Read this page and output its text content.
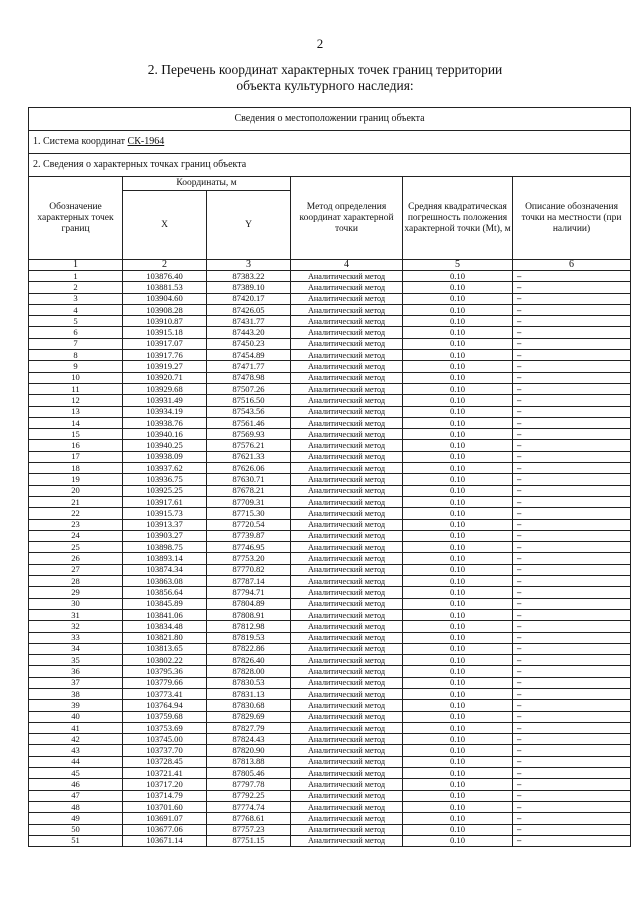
2
2. Перечень координат характерных точек границ территории
объекта культурного наследия:
Сведения о местоположении границ объекта					
1. Система координат СК-1964					
2. Сведения о характерных точках границ объекта					
Обозначение характерных точек границ	Координаты, м		Метод определения координат характерной точки	Средняя квадратическая погрешность положения характерной точки (Mt), м	Описание обозначения точки на местности (при наличии)
	X	Y			
1	2	3	4	5	6
1	103876.40	87383.22	Аналитический метод	0.10	–
2	103881.53	87389.10	Аналитический метод	0.10	–
3	103904.60	87420.17	Аналитический метод	0.10	–
4	103908.28	87426.05	Аналитический метод	0.10	–
5	103910.87	87431.77	Аналитический метод	0.10	–
6	103915.18	87443.20	Аналитический метод	0.10	–
7	103917.07	87450.23	Аналитический метод	0.10	–
8	103917.76	87454.89	Аналитический метод	0.10	–
9	103919.27	87471.77	Аналитический метод	0.10	–
10	103920.71	87478.98	Аналитический метод	0.10	–
11	103929.68	87507.26	Аналитический метод	0.10	–
12	103931.49	87516.50	Аналитический метод	0.10	–
13	103934.19	87543.56	Аналитический метод	0.10	–
14	103938.76	87561.46	Аналитический метод	0.10	–
15	103940.16	87569.93	Аналитический метод	0.10	–
16	103940.25	87576.21	Аналитический метод	0.10	–
17	103938.09	87621.33	Аналитический метод	0.10	–
18	103937.62	87626.06	Аналитический метод	0.10	–
19	103936.75	87630.71	Аналитический метод	0.10	–
20	103925.25	87678.21	Аналитический метод	0.10	–
21	103917.61	87709.31	Аналитический метод	0.10	–
22	103915.73	87715.30	Аналитический метод	0.10	–
23	103913.37	87720.54	Аналитический метод	0.10	–
24	103903.27	87739.87	Аналитический метод	0.10	–
25	103898.75	87746.95	Аналитический метод	0.10	–
26	103893.14	87753.20	Аналитический метод	0.10	–
27	103874.34	87770.82	Аналитический метод	0.10	–
28	103863.08	87787.14	Аналитический метод	0.10	–
29	103856.64	87794.71	Аналитический метод	0.10	–
30	103845.89	87804.89	Аналитический метод	0.10	–
31	103841.06	87808.91	Аналитический метод	0.10	–
32	103834.48	87812.98	Аналитический метод	0.10	–
33	103821.80	87819.53	Аналитический метод	0.10	–
34	103813.65	87822.86	Аналитический метод	0.10	–
35	103802.22	87826.40	Аналитический метод	0.10	–
36	103795.36	87828.00	Аналитический метод	0.10	–
37	103779.66	87830.53	Аналитический метод	0.10	–
38	103773.41	87831.13	Аналитический метод	0.10	–
39	103764.94	87830.68	Аналитический метод	0.10	–
40	103759.68	87829.69	Аналитический метод	0.10	–
41	103753.69	87827.79	Аналитический метод	0.10	–
42	103745.00	87824.43	Аналитический метод	0.10	–
43	103737.70	87820.90	Аналитический метод	0.10	–
44	103728.45	87813.88	Аналитический метод	0.10	–
45	103721.41	87805.46	Аналитический метод	0.10	–
46	103717.20	87797.78	Аналитический метод	0.10	–
47	103714.79	87792.25	Аналитический метод	0.10	–
48	103701.60	87774.74	Аналитический метод	0.10	–
49	103691.07	87768.61	Аналитический метод	0.10	–
50	103677.06	87757.23	Аналитический метод	0.10	–
51	103671.14	87751.15	Аналитический метод	0.10	–
